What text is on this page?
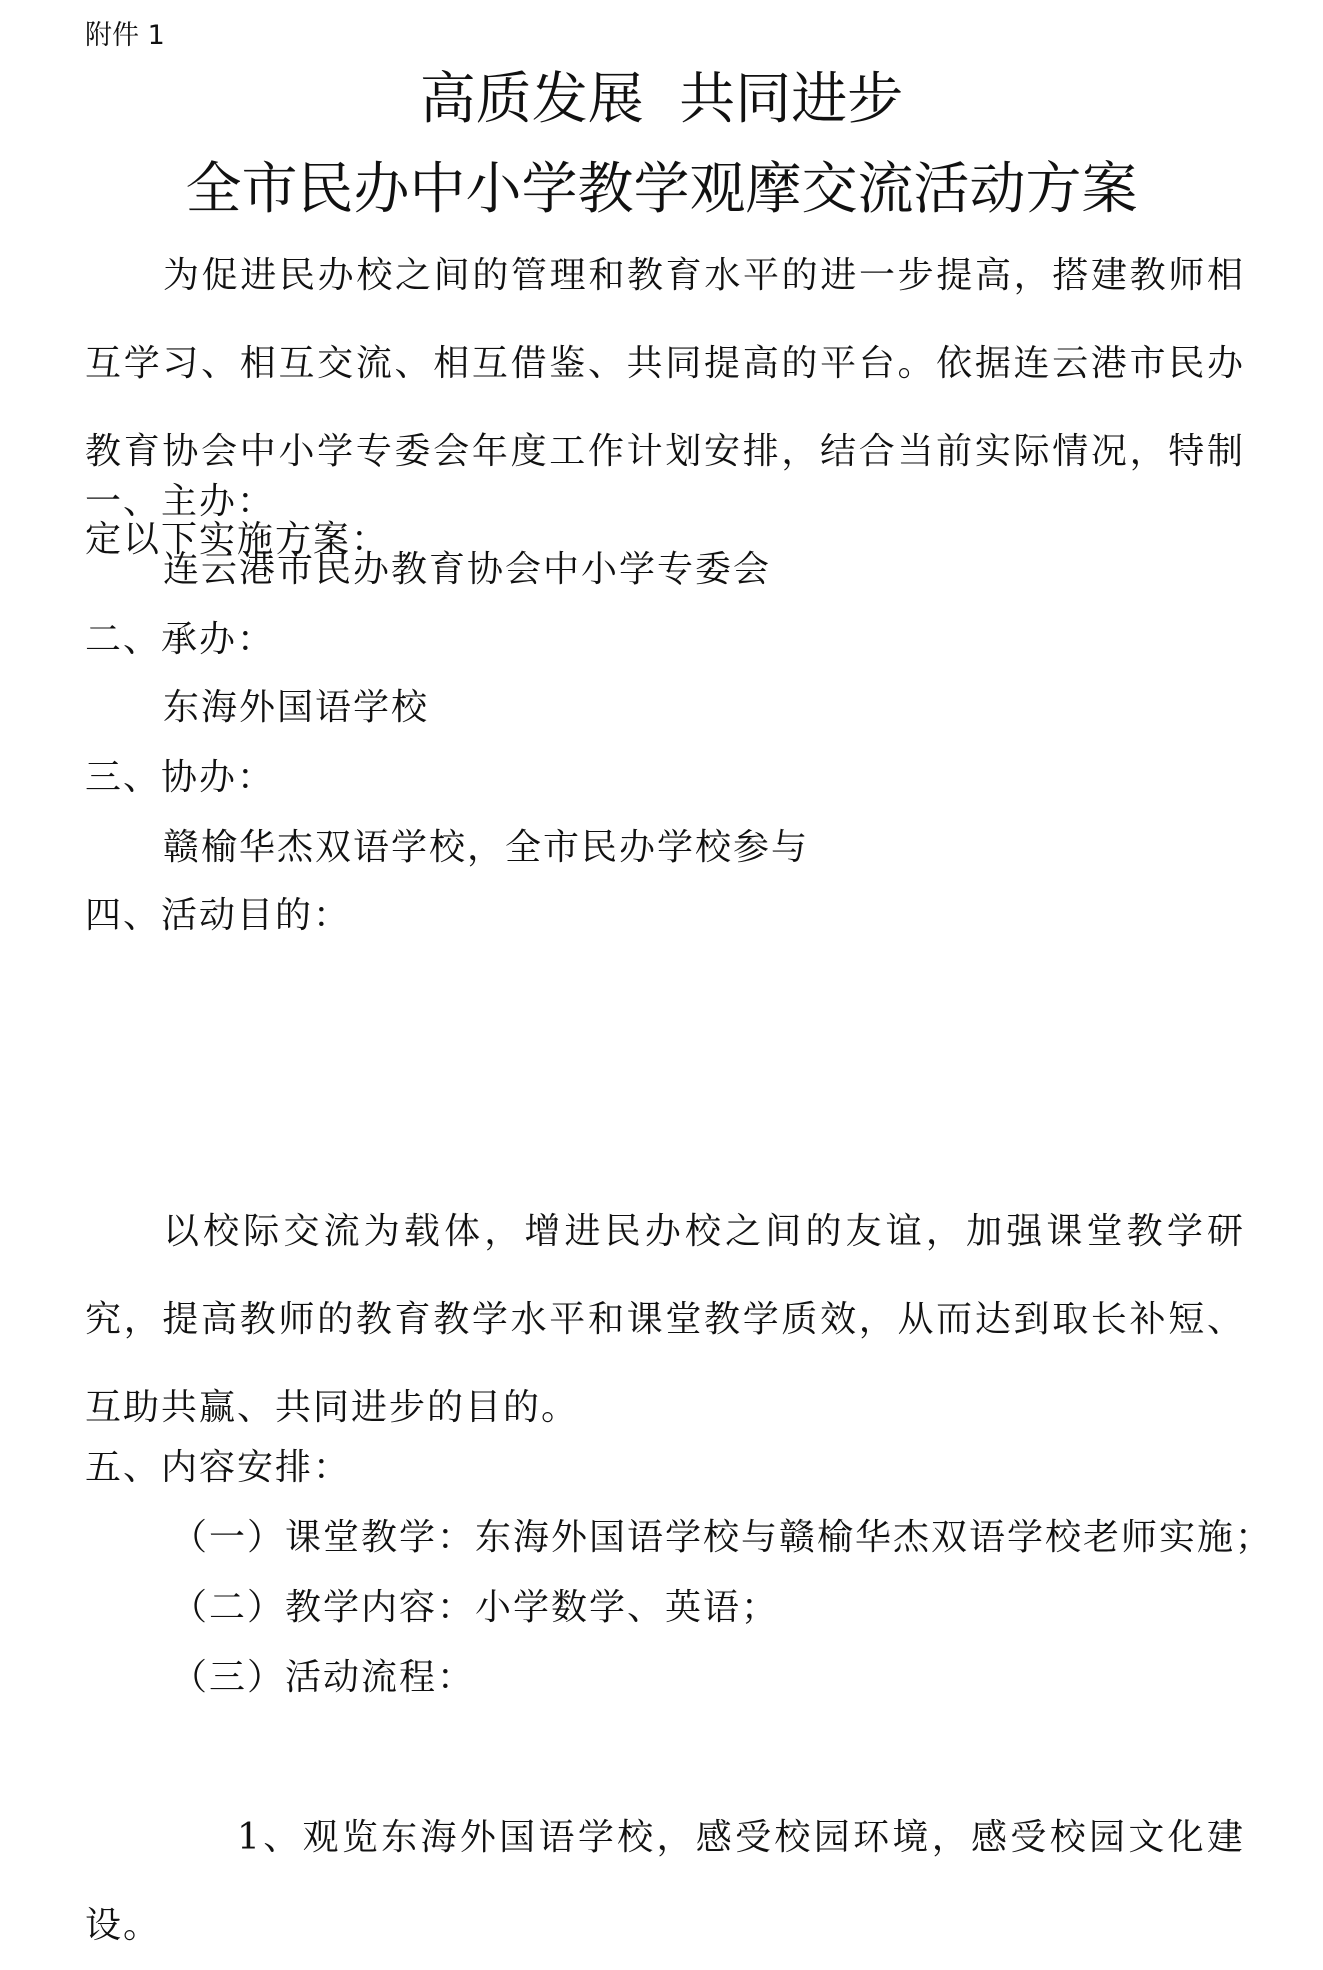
附件 1
高质发展  共同进步
全市民办中小学教学观摩交流活动方案
为促进民办校之间的管理和教育水平的进一步提高，搭建教师相互学习、相互交流、相互借鉴、共同提高的平台。依据连云港市民办教育协会中小学专委会年度工作计划安排，结合当前实际情况，特制定以下实施方案：
一、主办：
连云港市民办教育协会中小学专委会
二、承办：
东海外国语学校
三、协办：
赣榆华杰双语学校，全市民办学校参与
四、活动目的：
以校际交流为载体，增进民办校之间的友谊，加强课堂教学研究，提高教师的教育教学水平和课堂教学质效，从而达到取长补短、互助共赢、共同进步的目的。
五、内容安排：
（一）课堂教学：东海外国语学校与赣榆华杰双语学校老师实施；
（二）教学内容：小学数学、英语；
（三）活动流程：
1、观览东海外国语学校，感受校园环境，感受校园文化建设。
